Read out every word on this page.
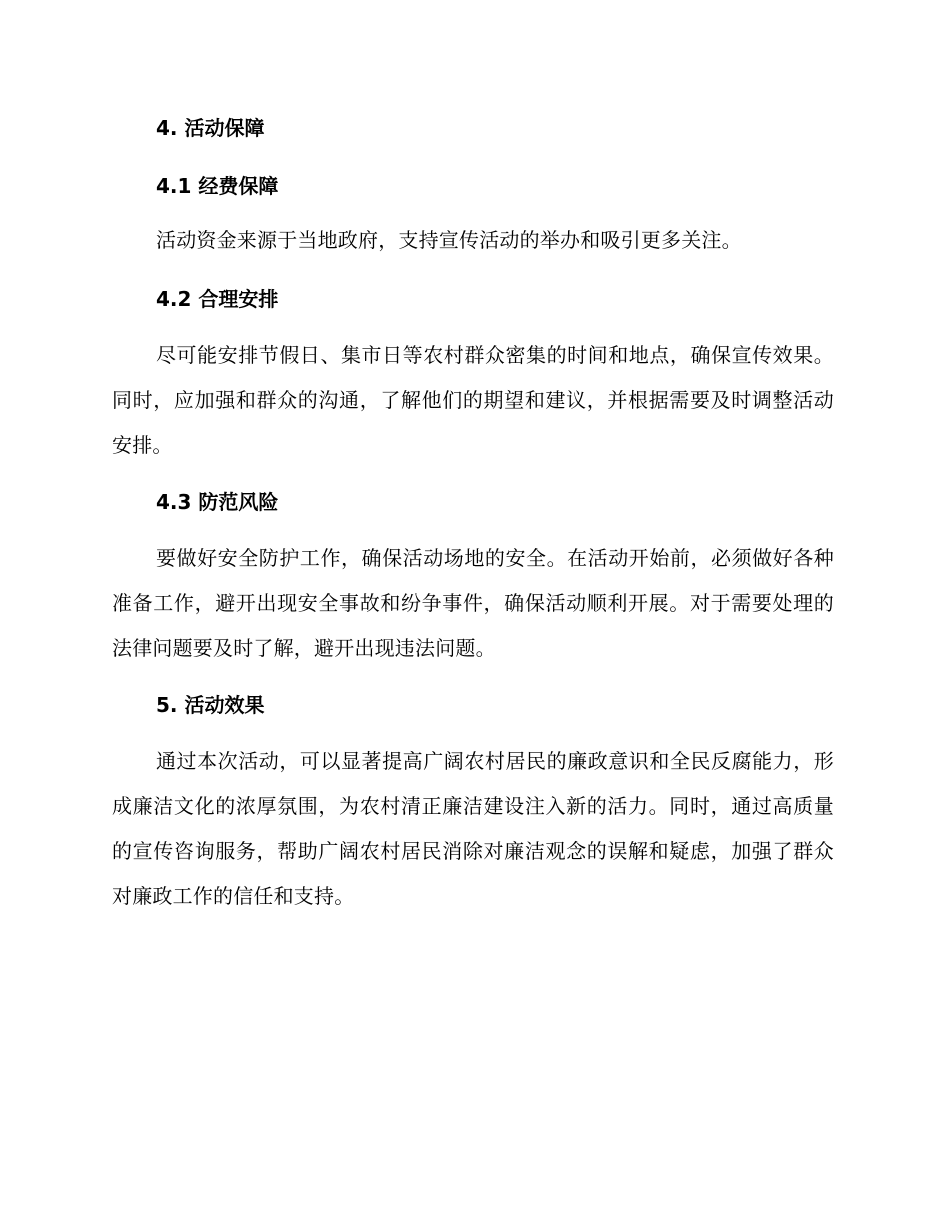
4. 活动保障
4.1 经费保障

活动资金来源于当地政府，支持宣传活动的举办和吸引更多关注。

4.2 合理安排

尽可能安排节假日、集市日等农村群众密集的时间和地点，确保宣传效果。同时，应加强和群众的沟通，了解他们的期望和建议，并根据需要及时调整活动安排。

4.3 防范风险

要做好安全防护工作，确保活动场地的安全。在活动开始前，必须做好各种准备工作，避开出现安全事故和纷争事件，确保活动顺利开展。对于需要处理的法律问题要及时了解，避开出现违法问题。

5. 活动效果

通过本次活动，可以显著提高广阔农村居民的廉政意识和全民反腐能力，形成廉洁文化的浓厚氛围，为农村清正廉洁建设注入新的活力。同时，通过高质量的宣传咨询服务，帮助广阔农村居民消除对廉洁观念的误解和疑虑，加强了群众对廉政工作的信任和支持。
